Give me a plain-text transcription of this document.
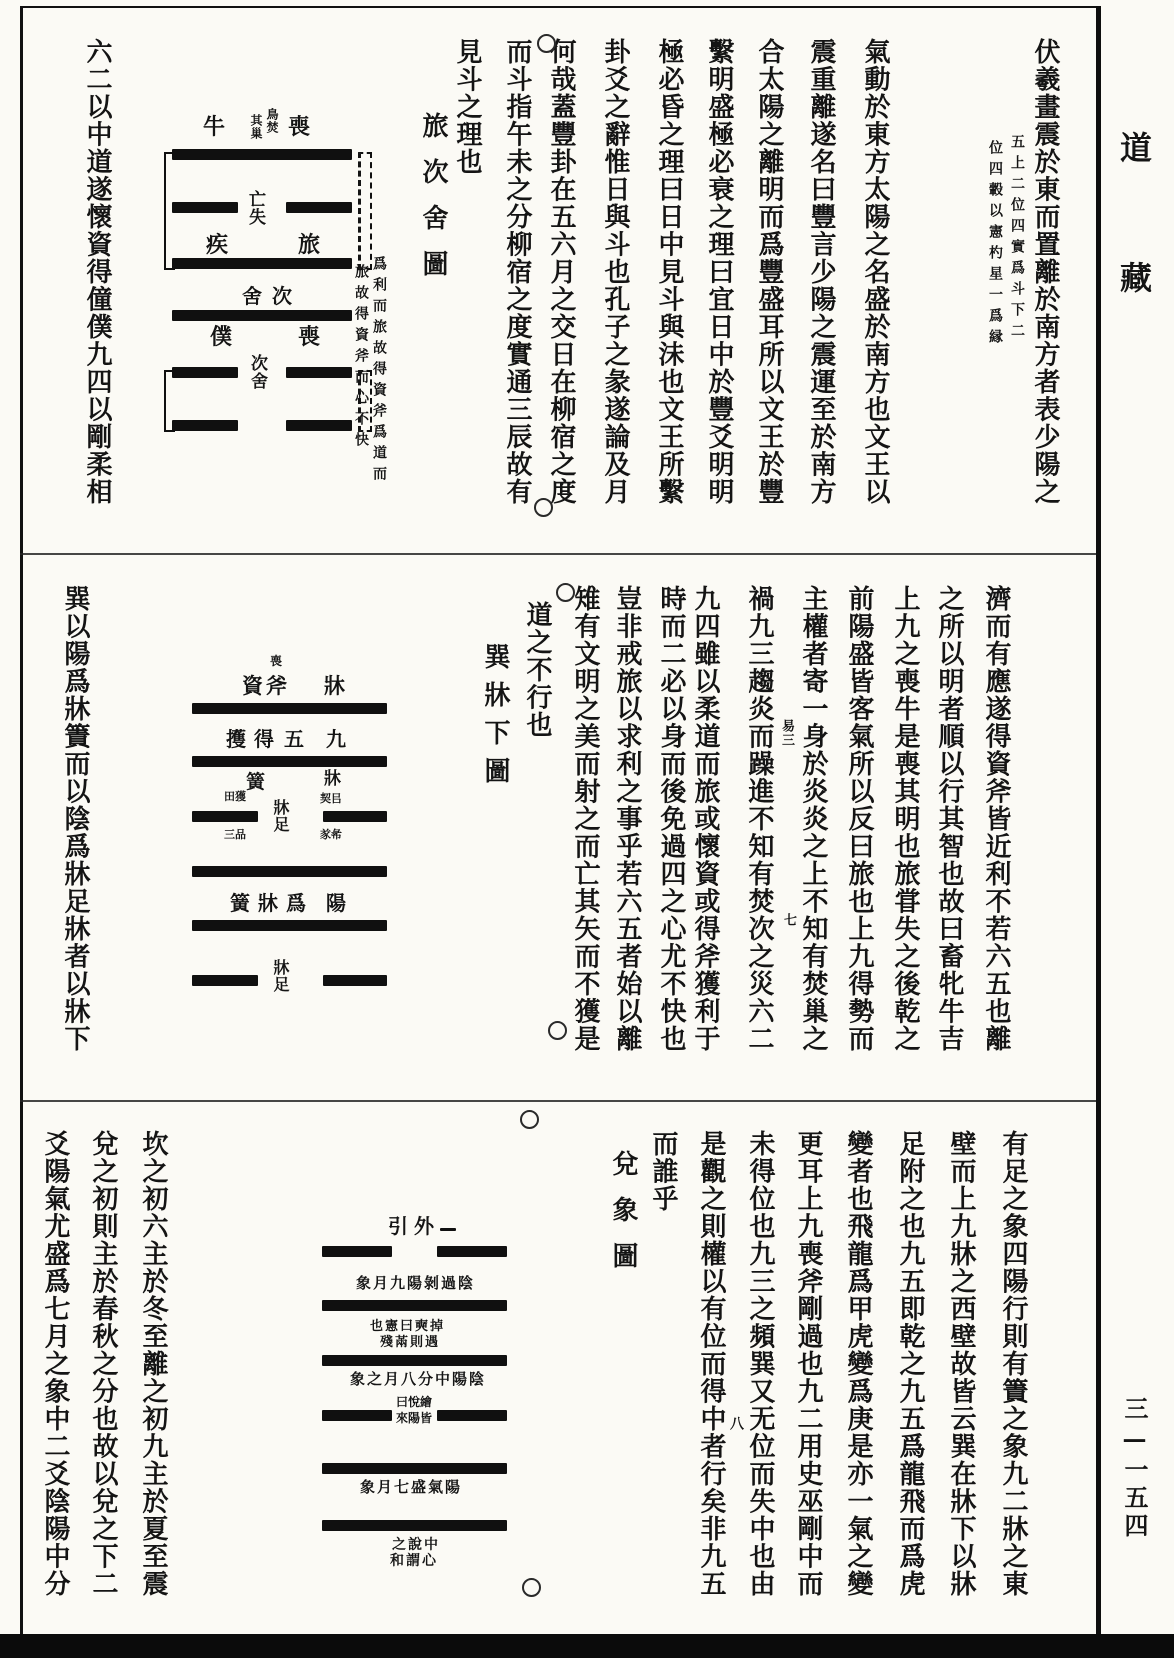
道
藏
三—一五四
伏羲畫震於東而置離於南方者表少陽之
五上二位四實爲斗下二
位四轂以憲杓星一爲縁
氣動於東方太陽之名盛於南方也文王以
震重離遂名曰豐言少陽之震運至於南方
合太陽之離明而爲豐盛耳所以文王於豐
繫明盛極必衰之理曰宜日中於豐爻明明
極必昏之理曰日中見斗與沬也文王所繫
卦爻之辭惟日與斗也孔子之彖遂論及月
何哉蓋豐卦在五六月之交日在柳宿之度
而斗指午未之分柳宿之度實通三辰故有
見斗之理也
旅次舍圖
牛	鳥焚
其巢 喪
亡失
疾	旅
舍次
僕	喪
次舍	爲利而旅故得資斧爲道而
旅故得資斧而心不快
六二以中道遂懷資得僮僕九四以剛柔相
濟而有應遂得資斧皆近利不若六五也離
之所以明者順以行其智也故曰畜牝牛吉
上九之喪牛是喪其明也旅甞失之後乾之
前陽盛皆客氣所以反曰旅也上九得勢而
主權者寄一身於炎炎之上不知有焚巢之
易三
七
禍九三趨炎而躁進不知有焚次之災六二
九四雖以柔道而旅或懷資或得斧獲利于
時而二必以身而後免過四之心尤不快也
豈非戒旅以求利之事乎若六五者始以離
雉有文明之美而射之而亡其矢而不獲是
道之不行也
巽牀下圖
資
喪
斧 牀
擭 得 五 九
簧	牀
契㠯
田獲
牀足
㒸㣇
三品
簧 牀 爲 陽
牀足
巽以陽爲牀簀而以陰爲牀足牀者以牀下
有足之象四陽行則有簀之象九二牀之東
壁而上九牀之西壁故皆云巽在牀下以牀
足附之也九五即乾之九五爲龍飛而爲虎
變者也飛龍爲甲虎變爲庚是亦一氣之變
更耳上九喪斧剛過也九二用史巫剛中而
未得位也九三之頻巽又无位而失中也由
八
是觀之則權以有位而得中者行矣非九五
而誰乎
兌象圖
引 外
象月九陽剝過陰
也憲曰奭掉
殘㒼則遇
象之月八分中陽陰
曰悅繪
來陽皆
象月七盛氣陽
之說中
和謂心
坎之初六主於冬至離之初九主於夏至震
兌之初則主於春秋之分也故以兌之下二
爻陽氣尤盛爲七月之象中二爻陰陽中分
